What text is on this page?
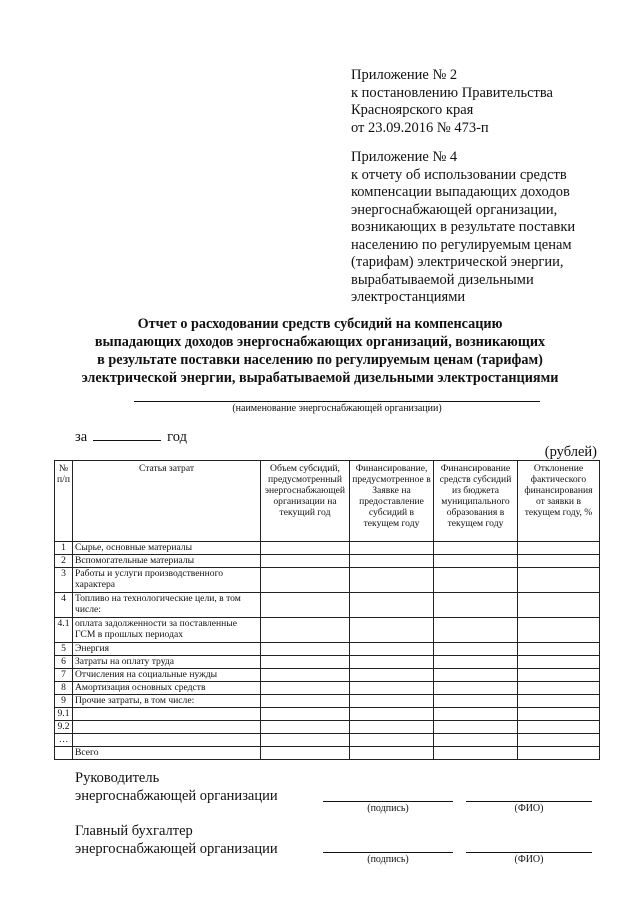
Приложение № 2
к постановлению Правительства
Красноярского края
от 23.09.2016 № 473-п
Приложение № 4
к отчету об использовании средств
компенсации выпадающих доходов
энергоснабжающей организации,
возникающих в результате поставки
населению по регулируемым ценам
(тарифам) электрической энергии,
вырабатываемой дизельными
электростанциями
Отчет о расходовании средств субсидий на компенсацию
выпадающих доходов энергоснабжающих организаций, возникающих
в результате поставки населению по регулируемым ценам (тарифам)
электрической энергии, вырабатываемой дизельными электростанциями
(наименование энергоснабжающей организации)
за	год
(рублей)
№ п/п	Статья затрат	Объем субсидий, предусмотренный энергоснабжающей организации на текущий год	Финансирование, предусмотренное в Заявке на предоставление субсидий в текущем году	Финансирование средств субсидий из бюджета муниципального образования в текущем году	Отклонение фактического финансирования от заявки в текущем году, %
1	Сырье, основные материалы				
2	Вспомогательные материалы				
3	Работы и услуги производственного характера				
4	Топливо на технологические цели, в том числе:				
4.1	оплата задолженности за поставленные ГСМ в прошлых периодах				
5	Энергия				
6	Затраты на оплату труда				
7	Отчисления на социальные нужды				
8	Амортизация основных средств				
9	Прочие затраты, в том числе:				
9.1					
9.2					
…					
	Всего				
Руководитель
энергоснабжающей организации
(подпись)	(ФИО)
Главный бухгалтер
энергоснабжающей организации
(подпись)	(ФИО)
